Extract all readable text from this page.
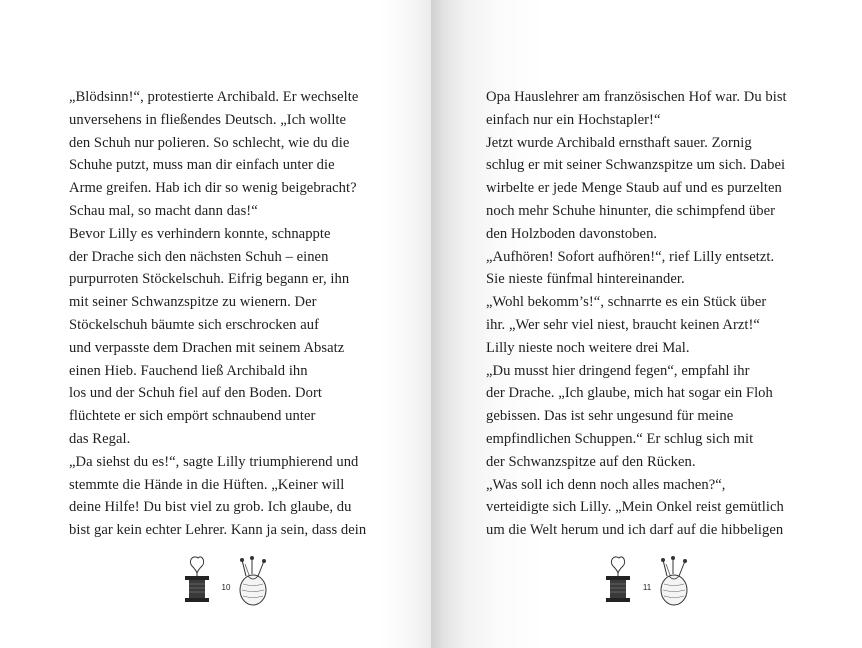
„Blödsinn!“, protestierte Archibald. Er wechselte
unversehens in fließendes Deutsch. „Ich wollte
den Schuh nur polieren. So schlecht, wie du die
Schuhe putzt, muss man dir einfach unter die
Arme greifen. Hab ich dir so wenig beigebracht?
Schau mal, so macht dann das!“
Bevor Lilly es verhindern konnte, schnappte
der Drache sich den nächsten Schuh – einen
purpurroten Stöckelschuh. Eifrig begann er, ihn
mit seiner Schwanzspitze zu wienern. Der
Stöckelschuh bäumte sich erschrocken auf
und verpasste dem Drachen mit seinem Absatz
einen Hieb. Fauchend ließ Archibald ihn
los und der Schuh fiel auf den Boden. Dort
flüchtete er sich empört schnaubend unter
das Regal.
„Da siehst du es!“, sagte Lilly triumphierend und
stemmte die Hände in die Hüften. „Keiner will
deine Hilfe! Du bist viel zu grob. Ich glaube, du
bist gar kein echter Lehrer. Kann ja sein, dass dein
10
Opa Hauslehrer am französischen Hof war. Du bist
einfach nur ein Hochstapler!“
Jetzt wurde Archibald ernsthaft sauer. Zornig
schlug er mit seiner Schwanzspitze um sich. Dabei
wirbelte er jede Menge Staub auf und es purzelten
noch mehr Schuhe hinunter, die schimpfend über
den Holzboden davonstoben.
„Aufhören! Sofort aufhören!“, rief Lilly entsetzt.
Sie nieste fünfmal hintereinander.
„Wohl bekomm’s!“, schnarrte es ein Stück über
ihr. „Wer sehr viel niest, braucht keinen Arzt!“
Lilly nieste noch weitere drei Mal.
„Du musst hier dringend fegen“, empfahl ihr
der Drache. „Ich glaube, mich hat sogar ein Floh
gebissen. Das ist sehr ungesund für meine
empfindlichen Schuppen.“ Er schlug sich mit
der Schwanzspitze auf den Rücken.
„Was soll ich denn noch alles machen?“,
verteidigte sich Lilly. „Mein Onkel reist gemütlich
um die Welt herum und ich darf auf die hibbeligen
11
